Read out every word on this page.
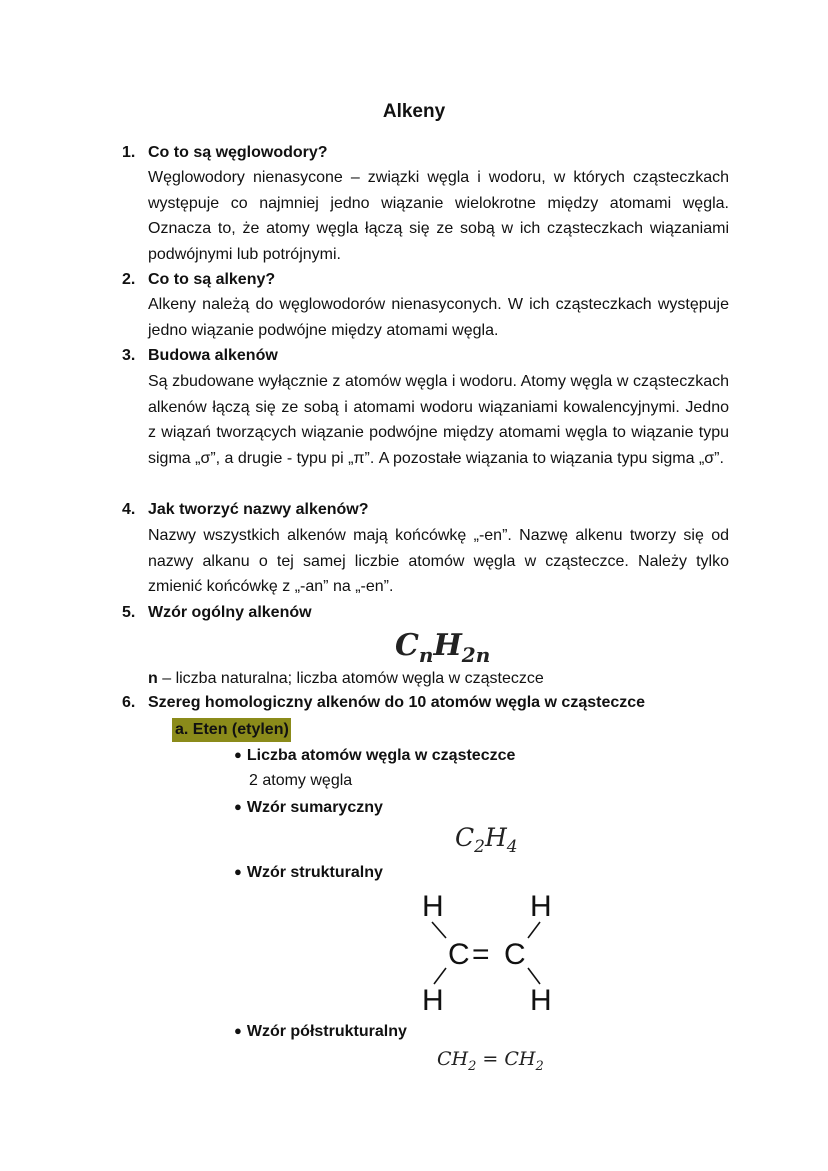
Alkeny
1. Co to są węglowodory?
Węglowodory nienasycone – związki węgla i wodoru, w których cząsteczkach występuje co najmniej jedno wiązanie wielokrotne między atomami węgla. Oznacza to, że atomy węgla łączą się ze sobą w ich cząsteczkach wiązaniami podwójnymi lub potrójnymi.
2. Co to są alkeny?
Alkeny należą do węglowodorów nienasyconych. W ich cząsteczkach występuje jedno wiązanie podwójne między atomami węgla.
3. Budowa alkenów
Są zbudowane wyłącznie z atomów węgla i wodoru. Atomy węgla w cząsteczkach alkenów łączą się ze sobą i atomami wodoru wiązaniami kowalencyjnymi. Jedno z wiązań tworzących wiązanie podwójne między atomami węgla to wiązanie typu sigma „σ”, a drugie - typu pi „π”. A pozostałe wiązania to wiązania typu sigma „σ”.
4. Jak tworzyć nazwy alkenów?
Nazwy wszystkich alkenów mają końcówkę „-en”. Nazwę alkenu tworzy się od nazwy alkanu o tej samej liczbie atomów węgla w cząsteczce. Należy tylko zmienić końcówkę z „-an” na „-en”.
5. Wzór ogólny alkenów
$C_nH_{2n}$
n – liczba naturalna; liczba atomów węgla w cząsteczce
6. Szereg homologiczny alkenów do 10 atomów węgla w cząsteczce
a. Eten (etylen)
● Liczba atomów węgla w cząsteczce
2 atomy węgla
● Wzór sumaryczny
$C_2H_4$
● Wzór strukturalny
H	H
C = C
H	H
● Wzór półstrukturalny
$CH_2 = CH_2$
